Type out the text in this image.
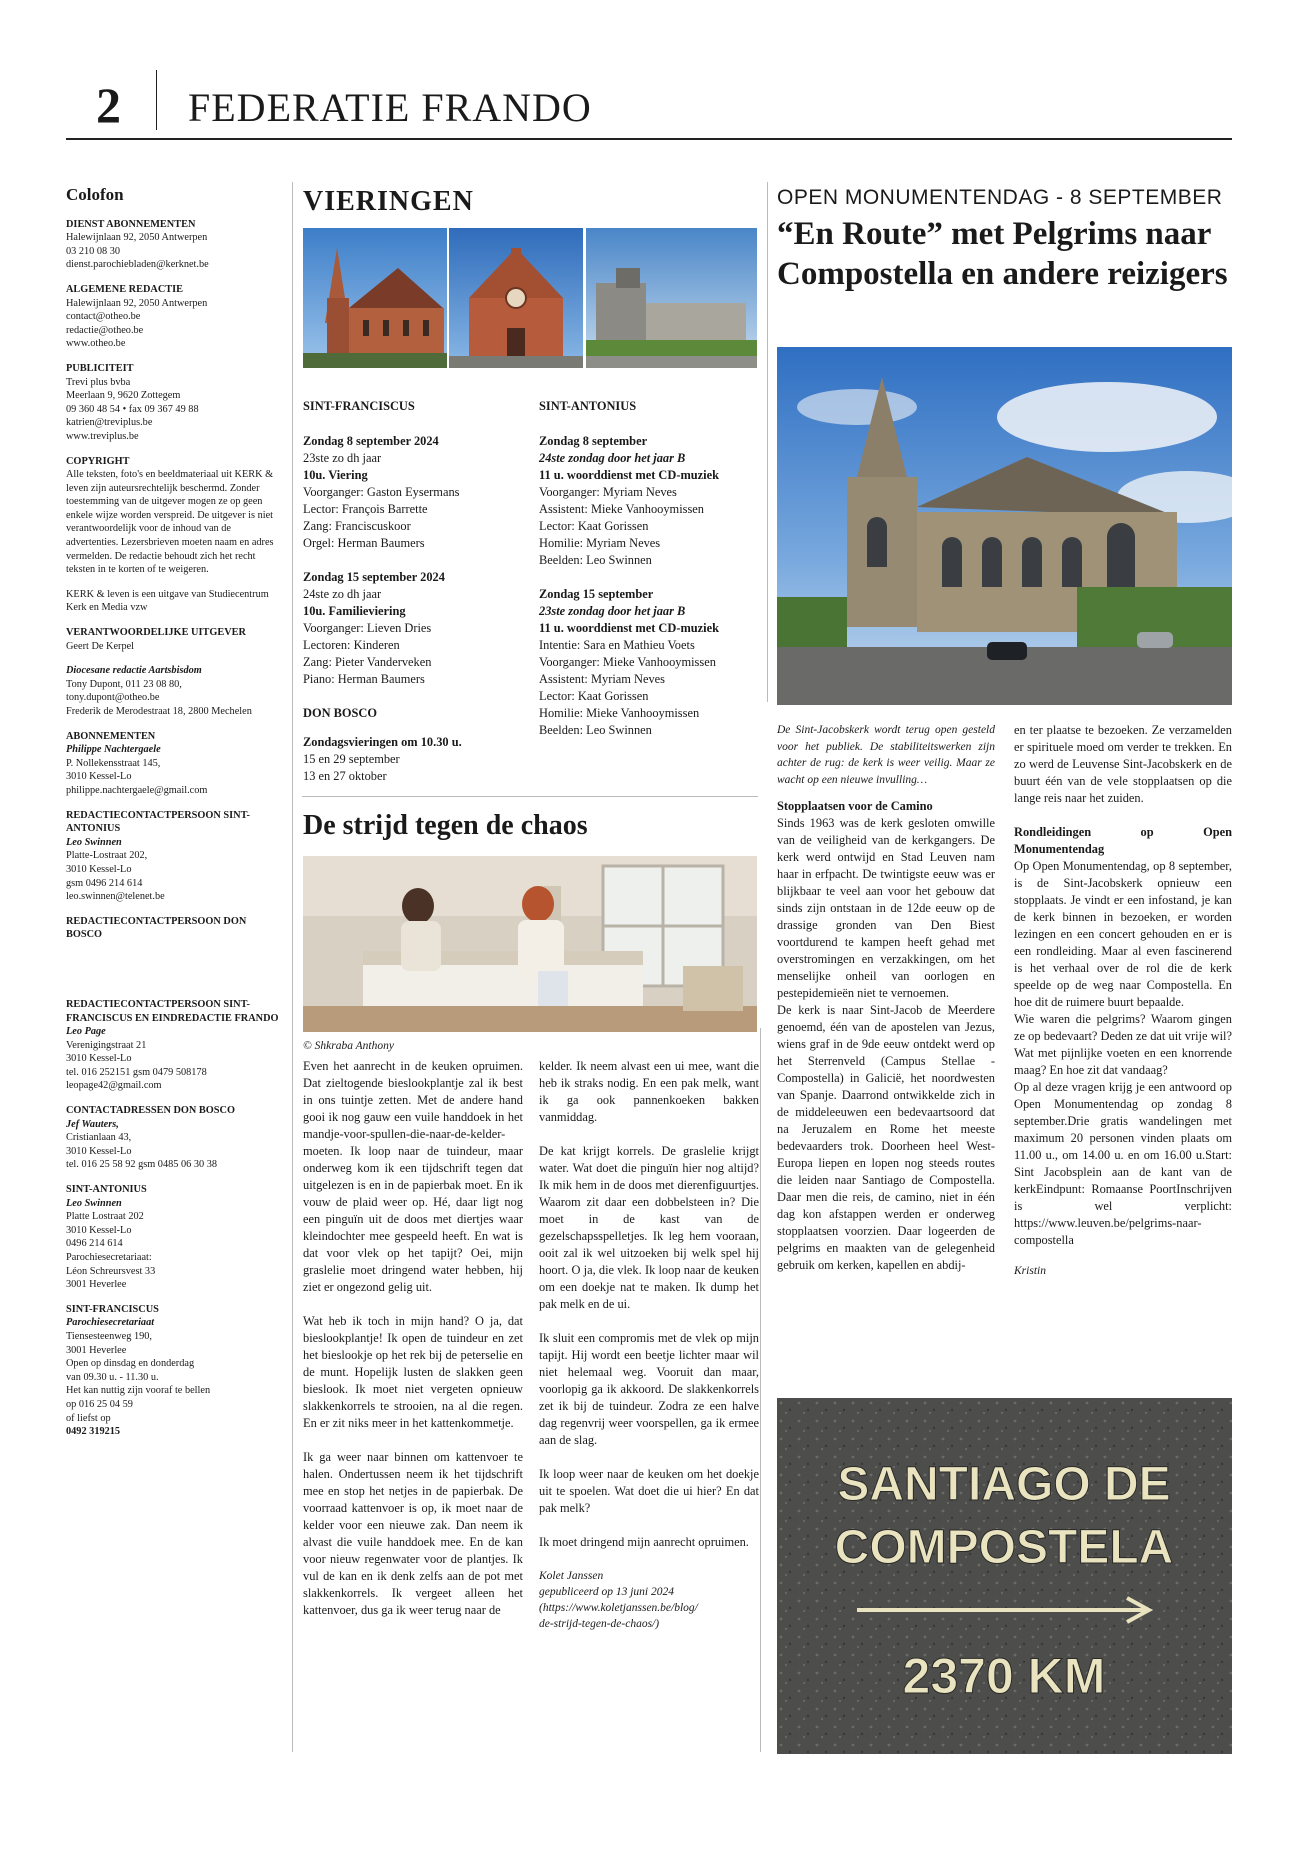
2 FEDERATIE FRANDO
Colofon

DIENST ABONNEMENTEN

Halewijnlaan 92, 2050 Antwerpen

03 210 08 30

dienst.parochiebladen@kerknet.be

ALGEMENE REDACTIE

Halewijnlaan 92, 2050 Antwerpen

contact@otheo.be

redactie@otheo.be

www.otheo.be

PUBLICITEIT

Trevi plus bvba

Meerlaan 9, 9620 Zottegem

09 360 48 54 • fax 09 367 49 88

katrien@treviplus.be

www.treviplus.be

COPYRIGHT

Alle teksten, foto's en beeldmateriaal uit KERK & leven zijn auteursrechtelijk beschermd. Zonder toestemming van de uitgever mogen ze op geen enkele wijze worden verspreid. De uitgever is niet verantwoordelijk voor de inhoud van de advertenties. Lezersbrieven moeten naam en adres vermelden. De redactie behoudt zich het recht teksten in te korten of te weigeren.

KERK & leven is een uitgave van Studiecentrum Kerk en Media vzw

VERANTWOORDELIJKE UITGEVER

Geert De Kerpel

Diocesane redactie Aartsbisdom

Tony Dupont, 011 23 08 80,

tony.dupont@otheo.be

Frederik de Merodestraat 18, 2800 Mechelen

ABONNEMENTEN

Philippe Nachtergaele

P. Nollekensstraat 145,

3010 Kessel-Lo

philippe.nachtergaele@gmail.com

REDACTIECONTACTPERSOON SINT-ANTONIUS

Leo Swinnen

Platte-Lostraat 202,

3010 Kessel-Lo

gsm 0496 214 614

leo.swinnen@telenet.be

REDACTIECONTACTPERSOON DON BOSCO

REDACTIECONTACTPERSOON SINT-FRANCISCUS EN EINDREDACTIE FRANDO

Leo Page

Verenigingstraat 21

3010 Kessel-Lo

tel. 016 252151 gsm 0479 508178

leopage42@gmail.com

CONTACTADRESSEN DON BOSCO

Jef Wauters,

Cristianlaan 43,

3010 Kessel-Lo

tel. 016 25 58 92 gsm 0485 06 30 38

SINT-ANTONIUS

Leo Swinnen

Platte Lostraat 202

3010 Kessel-Lo

0496 214 614

Parochiesecretariaat:

Léon Schreursvest 33

3001 Heverlee

SINT-FRANCISCUS

Parochiesecretariaat

Tiensesteenweg 190,

3001 Heverlee

Open op dinsdag en donderdag

van 09.30 u. - 11.30 u.

Het kan nuttig zijn vooraf te bellen

op 016 25 04 59

of liefst op

0492 319215

VIERINGEN
SINT-FRANCISCUS

Zondag 8 september 2024

23ste zo dh jaar

10u. Viering

Voorganger: Gaston Eysermans

Lector: François Barrette

Zang: Franciscuskoor

Orgel: Herman Baumers

Zondag 15 september 2024

24ste zo dh jaar

10u. Familieviering

Voorganger: Lieven Dries

Lectoren: Kinderen

Zang: Pieter Vanderveken

Piano: Herman Baumers

DON BOSCO

Zondagsvieringen om 10.30 u.

15 en 29 september

13 en 27 oktober

SINT-ANTONIUS

Zondag 8 september

24ste zondag door het jaar B

11 u. woorddienst met CD-muziek

Voorganger: Myriam Neves

Assistent: Mieke Vanhooymissen

Lector: Kaat Gorissen

Homilie: Myriam Neves

Beelden: Leo Swinnen

Zondag 15 september

23ste zondag door het jaar B

11 u. woorddienst met CD-muziek

Intentie: Sara en Mathieu Voets

Voorganger: Mieke Vanhooymissen

Assistent: Myriam Neves

Lector: Kaat Gorissen

Homilie: Mieke Vanhooymissen

Beelden: Leo Swinnen

De strijd tegen de chaos
© Shkraba Anthony

Even het aanrecht in de keuken opruimen. Dat zieltogende bieslookplantje zal ik best in ons tuintje zetten. Met de andere hand gooi ik nog gauw een vuile handdoek in het mandje-voor-spullen-die-naar-de-kelder-moeten. Ik loop naar de tuindeur, maar onderweg kom ik een tijdschrift tegen dat uitgelezen is en in de papierbak moet. En ik vouw de plaid weer op. Hé, daar ligt nog een pinguïn uit de doos met diertjes waar kleindochter mee gespeeld heeft. En wat is dat voor vlek op het tapijt? Oei, mijn graslelie moet dringend water hebben, hij ziet er ongezond gelig uit.

Wat heb ik toch in mijn hand? O ja, dat bieslookplantje! Ik open de tuindeur en zet het bieslookje op het rek bij de peterselie en de munt. Hopelijk lusten de slakken geen bieslook. Ik moet niet vergeten opnieuw slakkenkorrels te strooien, na al die regen. En er zit niks meer in het kattenkommetje.

Ik ga weer naar binnen om kattenvoer te halen. Ondertussen neem ik het tijdschrift mee en stop het netjes in de papierbak. De voorraad kattenvoer is op, ik moet naar de kelder voor een nieuwe zak. Dan neem ik alvast die vuile handdoek mee. En de kan voor nieuw regenwater voor de plantjes. Ik vul de kan en ik denk zelfs aan de pot met slakkenkorrels. Ik vergeet alleen het kattenvoer, dus ga ik weer terug naar de

kelder. Ik neem alvast een ui mee, want die heb ik straks nodig. En een pak melk, want ik ga ook pannenkoeken bakken vanmiddag.

De kat krijgt korrels. De graslelie krijgt water. Wat doet die pinguïn hier nog altijd? Ik mik hem in de doos met dierenfiguurtjes. Waarom zit daar een dobbelsteen in? Die moet in de kast van de gezelschapsspelletjes. Ik leg hem vooraan, ooit zal ik wel uitzoeken bij welk spel hij hoort. O ja, die vlek. Ik loop naar de keuken om een doekje nat te maken. Ik dump het pak melk en de ui.

Ik sluit een compromis met de vlek op mijn tapijt. Hij wordt een beetje lichter maar wil niet helemaal weg. Vooruit dan maar, voorlopig ga ik akkoord. De slakkenkorrels zet ik bij de tuindeur. Zodra ze een halve dag regenvrij weer voorspellen, ga ik ermee aan de slag.

Ik loop weer naar de keuken om het doekje uit te spoelen. Wat doet die ui hier? En dat pak melk?

Ik moet dringend mijn aanrecht opruimen.

Kolet Janssen
gepubliceerd op 13 juni 2024
(https://www.koletjanssen.be/blog/
de-strijd-tegen-de-chaos/)
OPEN MONUMENTENDAG - 8 SEPTEMBER
“En Route” met Pelgrims naar Compostella en andere reizigers

De Sint-Jacobskerk wordt terug open gesteld voor het publiek. De stabiliteitswerken zijn achter de rug: de kerk is weer veilig. Maar ze wacht op een nieuwe invulling…

Stopplaatsen voor de Camino

Sinds 1963 was de kerk gesloten omwille van de veiligheid van de kerkgangers. De kerk werd ontwijd en Stad Leuven nam haar in erfpacht. De twintigste eeuw was er blijkbaar te veel aan voor het gebouw dat sinds zijn ontstaan in de 12de eeuw op de drassige gronden van Den Biest voortdurend te kampen heeft gehad met overstromingen en verzakkingen, om het menselijke onheil van oorlogen en pestepidemieën niet te vernoemen.

De kerk is naar Sint-Jacob de Meerdere genoemd, één van de apostelen van Jezus, wiens graf in de 9de eeuw ontdekt werd op het Sterrenveld (Campus Stellae - Compostella) in Galicië, het noordwesten van Spanje. Daarrond ontwikkelde zich in de middeleeuwen een bedevaartsoord dat na Jeruzalem en Rome het meeste bedevaarders trok. Doorheen heel West-Europa liepen en lopen nog steeds routes die leiden naar Santiago de Compostella. Daar men die reis, de camino, niet in één dag kon afstappen werden er onderweg stopplaatsen voorzien. Daar logeerden de pelgrims en maakten van de gelegenheid gebruik om kerken, kapellen en abdij-

en ter plaatse te bezoeken. Ze verzamelden er spirituele moed om verder te trekken. En zo werd de Leuvense Sint-Jacobskerk en de buurt één van de vele stopplaatsen op die lange reis naar het zuiden.

Rondleidingen op Open Monumentendag

Op Open Monumentendag, op 8 september, is de Sint-Jacobskerk opnieuw een stopplaats. Je vindt er een infostand, je kan de kerk binnen in bezoeken, er worden lezingen en een concert gehouden en er is een rondleiding. Maar al even fascinerend is het verhaal over de rol die de kerk speelde op de weg naar Compostella. En hoe dit de ruimere buurt bepaalde.

Wie waren die pelgrims? Waarom gingen ze op bedevaart? Deden ze dat uit vrije wil? Wat met pijnlijke voeten en een knorrende maag? En hoe zit dat vandaag?

Op al deze vragen krijg je een antwoord op Open Monumentendag op zondag 8 september.Drie gratis wandelingen met maximum 20 personen vinden plaats om 11.00 u., om 14.00 u. en om 16.00 u.Start: Sint Jacobsplein aan de kant van de kerkEindpunt: Romaanse PoortInschrijven is wel verplicht: https://www.leuven.be/pelgrims-naar-compostella

Kristin

SANTIAGO DE
COMPOSTELA
2370 KM
